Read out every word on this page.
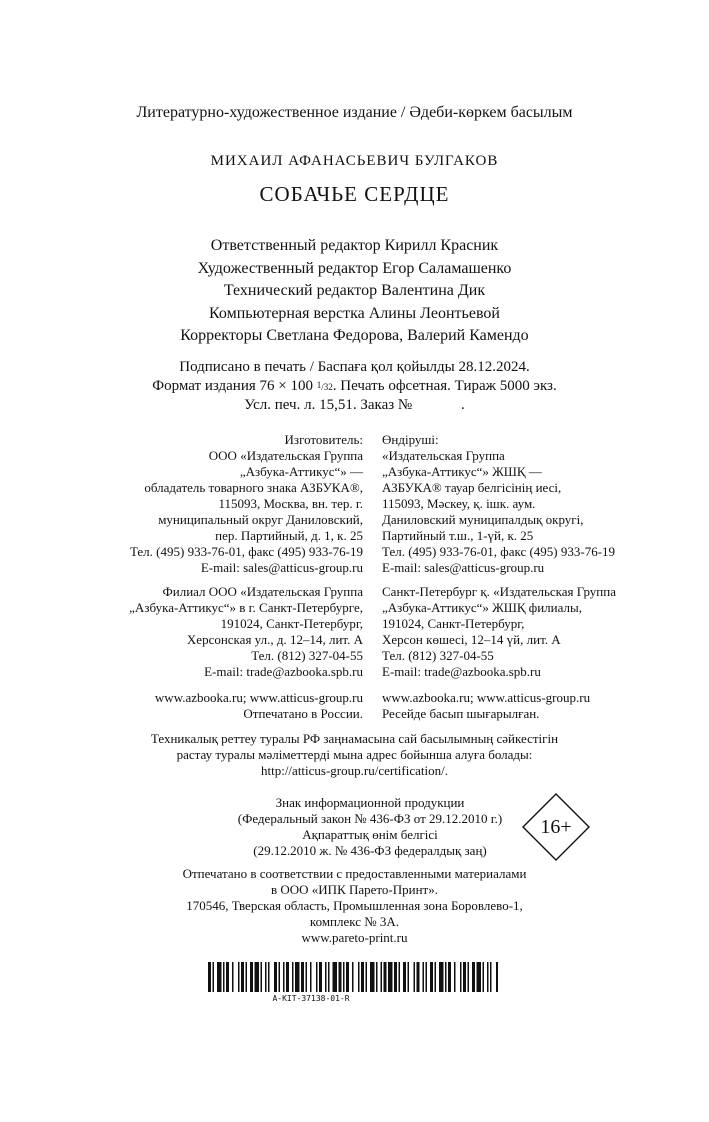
Литературно-художественное издание / Әдеби-көркем басылым
МИХАИЛ АФАНАСЬЕВИЧ БУЛГАКОВ
СОБАЧЬЕ СЕРДЦЕ
Ответственный редактор Кирилл Красник
Художественный редактор Егор Саламашенко
Технический редактор Валентина Дик
Компьютерная верстка Алины Леонтьевой
Корректоры Светлана Федорова, Валерий Камендо
Подписано в печать / Баспаға қол қойылды 28.12.2024.
Формат издания 76 × 100 $^1$/32. Печать офсетная. Тираж 5000 экз.
Усл. печ. л. 15,51. Заказ №             .
Изготовитель:
ООО «Издательская Группа
„Азбука-Аттикус“» —
обладатель товарного знака АЗБУКА®,
115093, Москва, вн. тер. г.
муниципальный округ Даниловский,
пер. Партийный, д. 1, к. 25
Тел. (495) 933-76-01, факс (495) 933-76-19
E-mail: sales@atticus-group.ru
Өндіруші:
«Издательская Группа
„Азбука-Аттикус“» ЖШҚ —
АЗБУКА® тауар белгісінің иесі,
115093, Мәскеу, қ. ішк. аум.
Даниловский муниципалдық округі,
Партийный т.ш., 1-үй, к. 25
Тел. (495) 933-76-01, факс (495) 933-76-19
E-mail: sales@atticus-group.ru
Филиал ООО «Издательская Группа
„Азбука-Аттикус“» в г. Санкт-Петербурге,
191024, Санкт-Петербург,
Херсонская ул., д. 12–14, лит. А
Тел. (812) 327-04-55
E-mail: trade@azbooka.spb.ru
Санкт-Петербург қ. «Издательская Группа
„Азбука-Аттикус“» ЖШҚ филиалы,
191024, Санкт-Петербург,
Херсон көшесі, 12–14 үй, лит. А
Тел. (812) 327-04-55
E-mail: trade@azbooka.spb.ru
www.azbooka.ru; www.atticus-group.ru
Отпечатано в России.
www.azbooka.ru; www.atticus-group.ru
Ресейде басып шығарылған.
Техникалық реттеу туралы РФ заңнамасына сай басылымның сәйкестігін
растау туралы мәліметтерді мына адрес бойынша алуға болады:
http://atticus-group.ru/certification/.
Знак информационной продукции
(Федеральный закон № 436-ФЗ от 29.12.2010 г.)
Ақпараттық өнім белгісі
(29.12.2010 ж. № 436-ФЗ федералдық заң)
16+
Отпечатано в соответствии с предоставленными материалами
в ООО «ИПК Парето-Принт».
170546, Тверская область, Промышленная зона Боровлево-1,
комплекс № 3А.
www.pareto-print.ru
A-KIT-37138-01-R
